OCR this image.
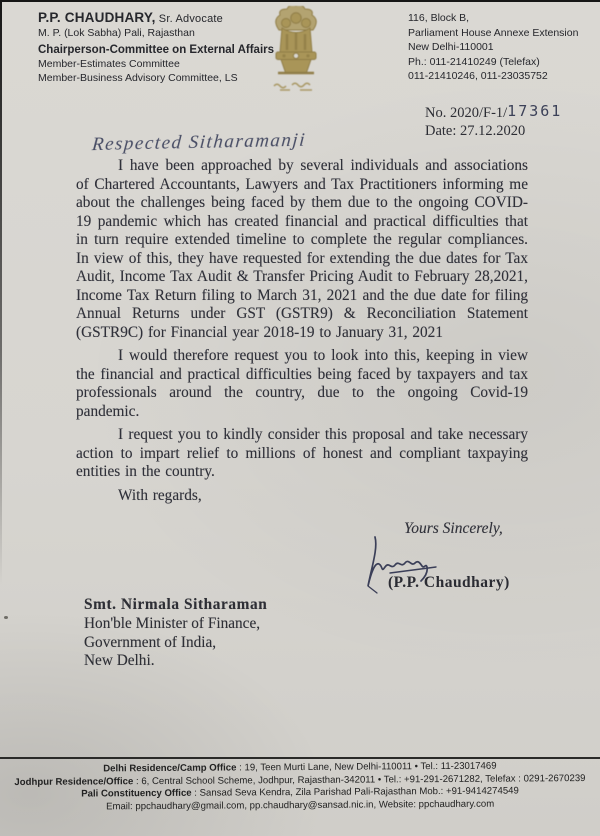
P.P. CHAUDHARY, Sr. Advocate
M. P. (Lok Sabha) Pali, Rajasthan
Chairperson-Committee on External Affairs
Member-Estimates Committee
Member-Business Advisory Committee, LS
116, Block B,
Parliament House Annexe Extension
New Delhi-110001
Ph.: 011-21410249 (Telefax)
011-21410246, 011-23035752
No. 2020/F-1/17361
Date: 27.12.2020
Respected Sitharamanji

I have been approached by several individuals and associations of Chartered Accountants, Lawyers and Tax Practitioners informing me about the challenges being faced by them due to the ongoing COVID-19 pandemic which has created financial and practical difficulties that in turn require extended timeline to complete the regular compliances. In view of this, they have requested for extending the due dates for Tax Audit, Income Tax Audit & Transfer Pricing Audit to February 28,2021, Income Tax Return filing to March 31, 2021 and the due date for filing Annual Returns under GST (GSTR9) & Reconciliation Statement (GSTR9C) for Financial year 2018-19 to January 31, 2021

I would therefore request you to look into this, keeping in view the financial and practical difficulties being faced by taxpayers and tax professionals around the country, due to the ongoing Covid-19 pandemic.

I request you to kindly consider this proposal and take necessary action to impart relief to millions of honest and compliant taxpaying entities in the country.

With regards,

Yours Sincerely,
(P.P. Chaudhary)
Smt. Nirmala Sitharaman
Hon'ble Minister of Finance,
Government of India,
New Delhi.
Delhi Residence/Camp Office : 19, Teen Murti Lane, New Delhi-110011 • Tel.: 11-23017469
Jodhpur Residence/Office : 6, Central School Scheme, Jodhpur, Rajasthan-342011 • Tel.: +91-291-2671282, Telefax : 0291-2670239
Pali Constituency Office : Sansad Seva Kendra, Zila Parishad Pali-Rajasthan Mob.: +91-9414274549
Email: ppchaudhary@gmail.com, pp.chaudhary@sansad.nic.in, Website: ppchaudhary.com
